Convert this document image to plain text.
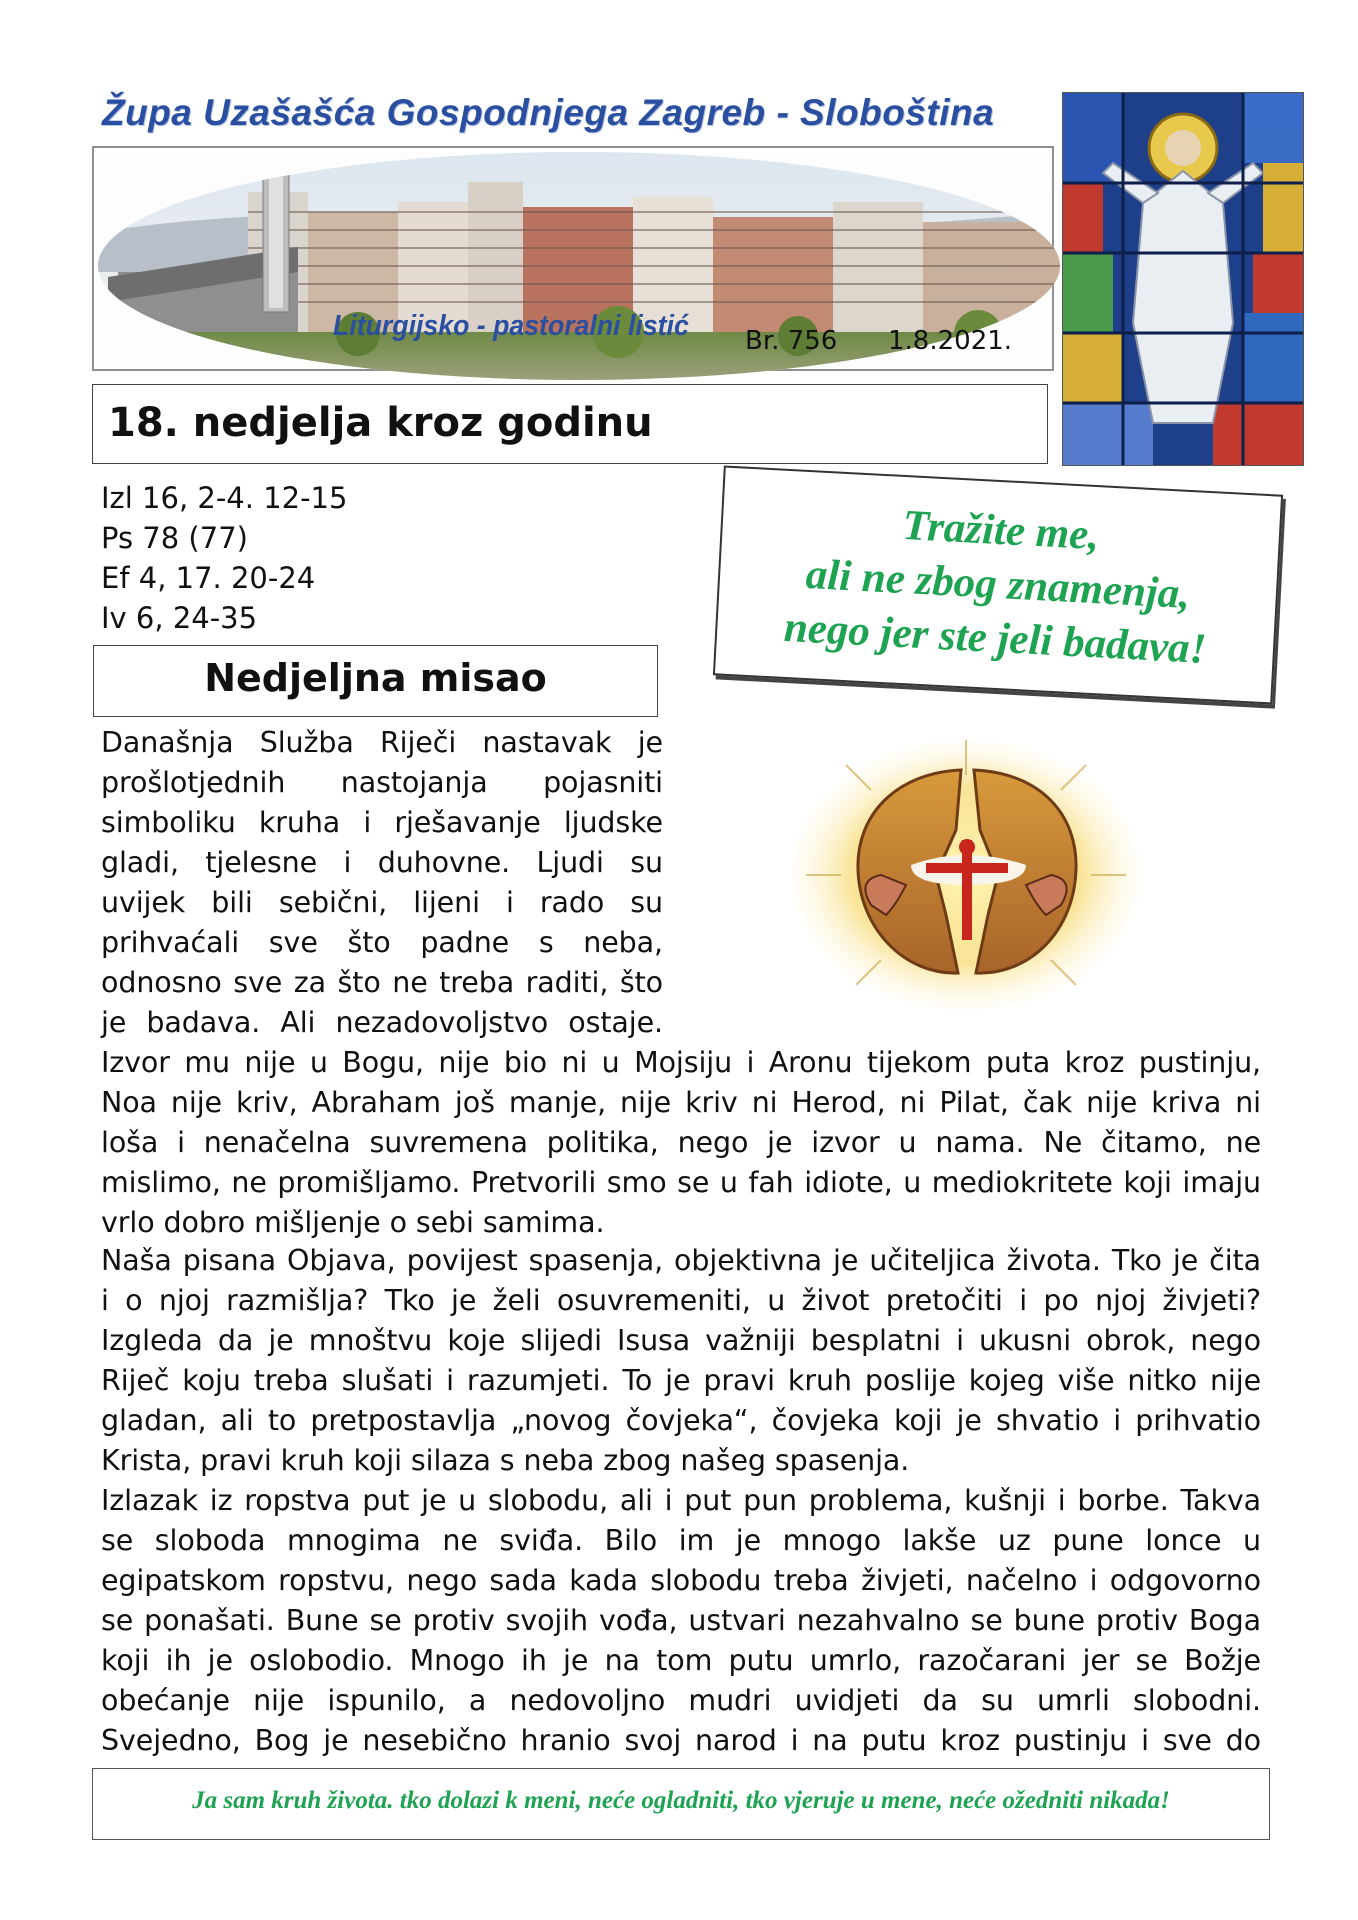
Župa Uzašašća Gospodnjega Zagreb - Sloboština
Liturgijsko - pastoralni listić Br. 756 1.8.2021.
18. nedjelja kroz godinu
Izl 16, 2-4. 12-15
Ps 78 (77)
Ef 4, 17. 20-24
Iv 6, 24-35
Tražite me,
ali ne zbog znamenja,
nego jer ste jeli badava!
Nedjeljna misao
Današnja Služba Riječi nastavak je
prošlotjednih nastojanja pojasniti
simboliku kruha i rješavanje ljudske
gladi, tjelesne i duhovne. Ljudi su
uvijek bili sebični, lijeni i rado su
prihvaćali sve što padne s neba,
odnosno sve za što ne treba raditi, što
je badava. Ali nezadovoljstvo ostaje.
Izvor mu nije u Bogu, nije bio ni u Mojsiju i Aronu tijekom puta kroz pustinju,
Noa nije kriv, Abraham još manje, nije kriv ni Herod, ni Pilat, čak nije kriva ni
loša i nenačelna suvremena politika, nego je izvor u nama. Ne čitamo, ne
mislimo, ne promišljamo. Pretvorili smo se u fah idiote, u mediokritete koji imaju
vrlo dobro mišljenje o sebi samima.
Naša pisana Objava, povijest spasenja, objektivna je učiteljica života. Tko je čita
i o njoj razmišlja? Tko je želi osuvremeniti, u život pretočiti i po njoj živjeti?
Izgleda da je mnoštvu koje slijedi Isusa važniji besplatni i ukusni obrok, nego
Riječ koju treba slušati i razumjeti. To je pravi kruh poslije kojeg više nitko nije
gladan, ali to pretpostavlja „novog čovjeka“, čovjeka koji je shvatio i prihvatio
Krista, pravi kruh koji silaza s neba zbog našeg spasenja.
Izlazak iz ropstva put je u slobodu, ali i put pun problema, kušnji i borbe. Takva
se sloboda mnogima ne sviđa. Bilo im je mnogo lakše uz pune lonce u
egipatskom ropstvu, nego sada kada slobodu treba živjeti, načelno i odgovorno
se ponašati. Bune se protiv svojih vođa, ustvari nezahvalno se bune protiv Boga
koji ih je oslobodio. Mnogo ih je na tom putu umrlo, razočarani jer se Božje
obećanje nije ispunilo, a nedovoljno mudri uvidjeti da su umrli slobodni.
Svejedno, Bog je nesebično hranio svoj narod i na putu kroz pustinju i sve do
Ja sam kruh života. tko dolazi k meni, neće ogladniti, tko vjeruje u mene, neće ožedniti nikada!
